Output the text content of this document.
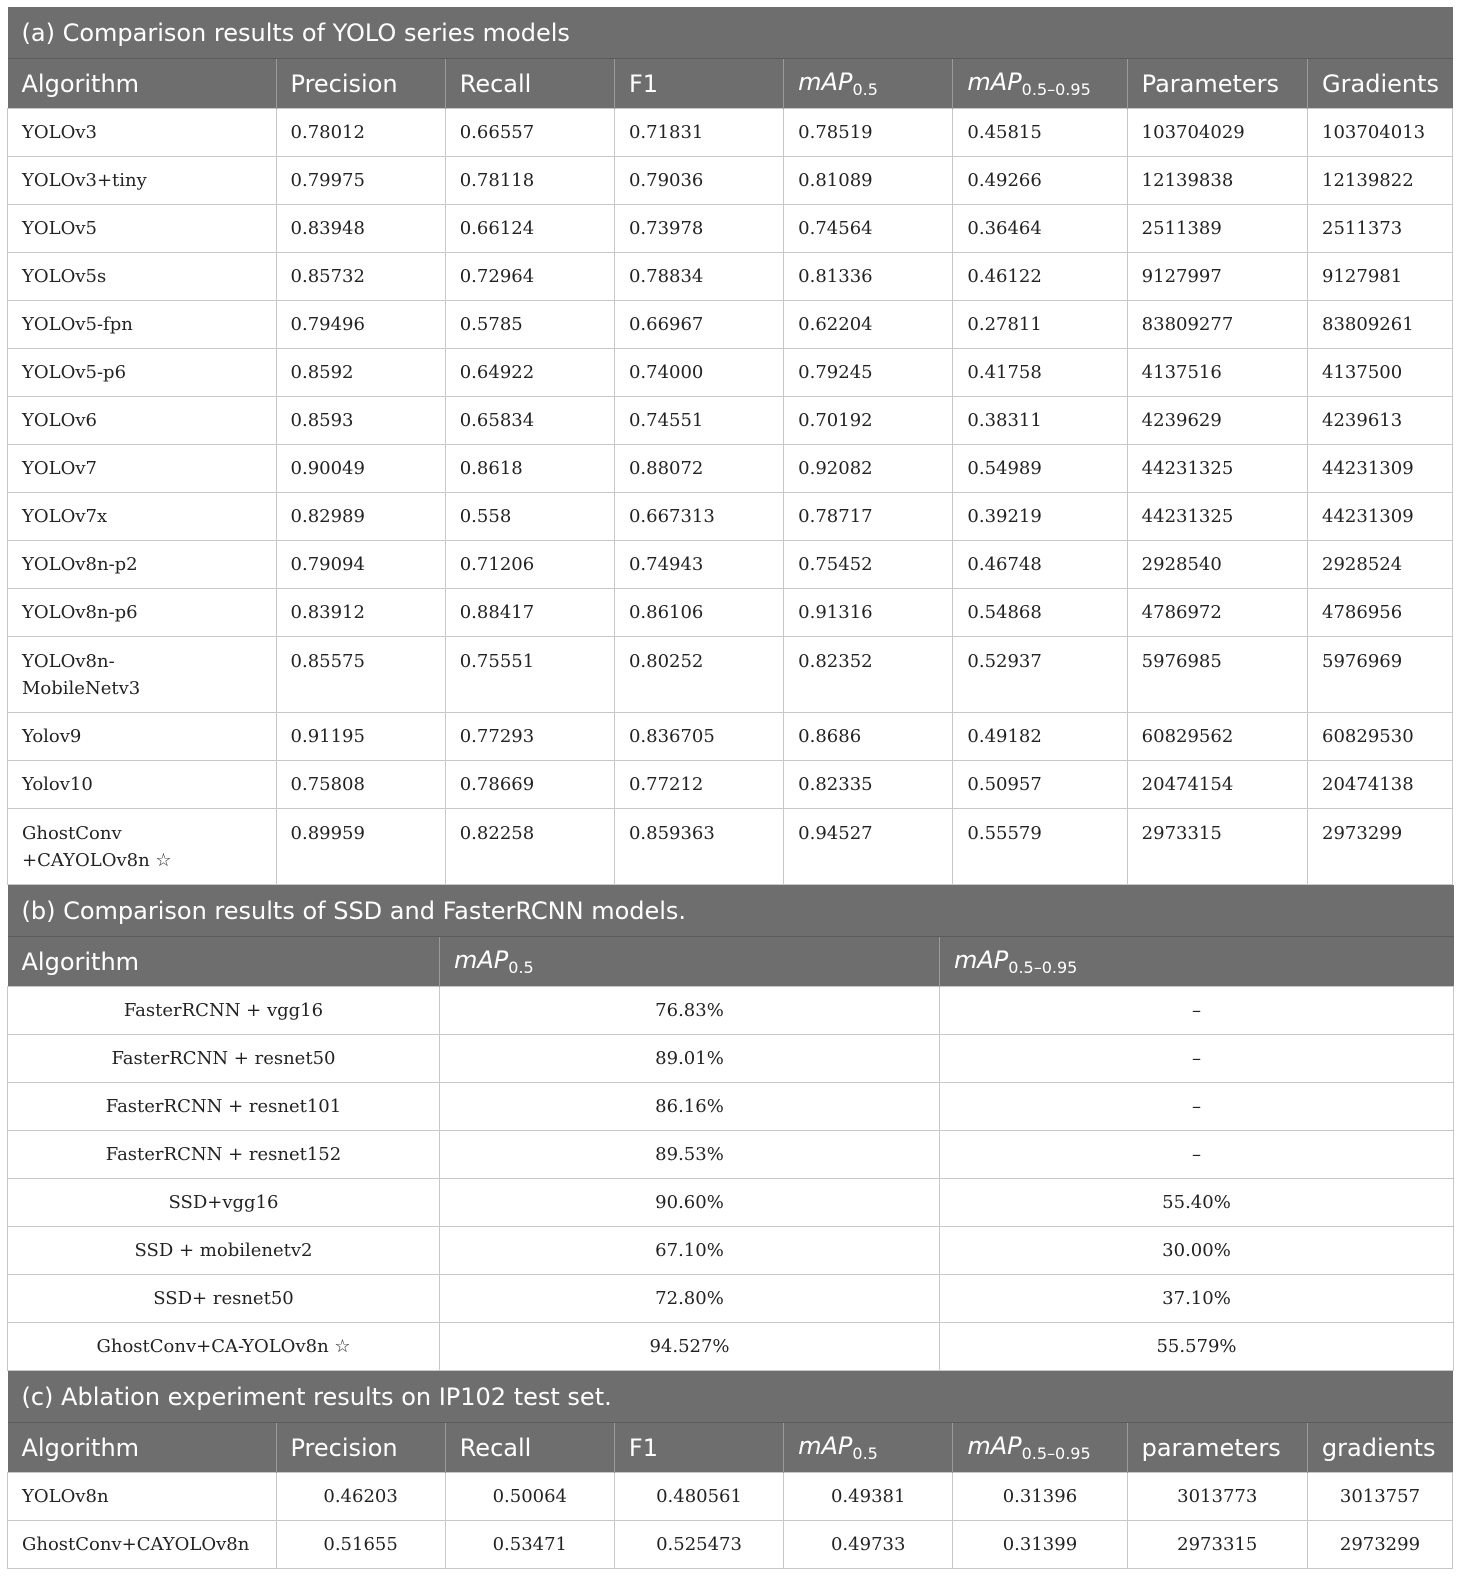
(a) Comparison results of YOLO series models							
Algorithm	Precision	Recall	F1	mAP$_{0.5}$	mAP$_{0.5-0.95}$	Parameters	Gradients
YOLOv3	0.78012	0.66557	0.71831	0.78519	0.45815	103704029	103704013
YOLOv3+tiny	0.79975	0.78118	0.79036	0.81089	0.49266	12139838	12139822
YOLOv5	0.83948	0.66124	0.73978	0.74564	0.36464	2511389	2511373
YOLOv5s	0.85732	0.72964	0.78834	0.81336	0.46122	9127997	9127981
YOLOv5-fpn	0.79496	0.5785	0.66967	0.62204	0.27811	83809277	83809261
YOLOv5-p6	0.8592	0.64922	0.74000	0.79245	0.41758	4137516	4137500
YOLOv6	0.8593	0.65834	0.74551	0.70192	0.38311	4239629	4239613
YOLOv7	0.90049	0.8618	0.88072	0.92082	0.54989	44231325	44231309
YOLOv7x	0.82989	0.558	0.667313	0.78717	0.39219	44231325	44231309
YOLOv8n-p2	0.79094	0.71206	0.74943	0.75452	0.46748	2928540	2928524
YOLOv8n-p6	0.83912	0.88417	0.86106	0.91316	0.54868	4786972	4786956
YOLOv8n-
MobileNetv3	0.85575	0.75551	0.80252	0.82352	0.52937	5976985	5976969
Yolov9	0.91195	0.77293	0.836705	0.8686	0.49182	60829562	60829530
Yolov10	0.75808	0.78669	0.77212	0.82335	0.50957	20474154	20474138
GhostConv
+CAYOLOv8n ☆	0.89959	0.82258	0.859363	0.94527	0.55579	2973315	2973299
(b) Comparison results of SSD and FasterRCNN models.		
Algorithm	mAP$_{0.5}$	mAP$_{0.5-0.95}$
FasterRCNN + vgg16	76.83%	–
FasterRCNN + resnet50	89.01%	–
FasterRCNN + resnet101	86.16%	–
FasterRCNN + resnet152	89.53%	–
SSD+vgg16	90.60%	55.40%
SSD + mobilenetv2	67.10%	30.00%
SSD+ resnet50	72.80%	37.10%
GhostConv+CA-YOLOv8n ☆	94.527%	55.579%
(c) Ablation experiment results on IP102 test set.							
Algorithm	Precision	Recall	F1	mAP$_{0.5}$	mAP$_{0.5-0.95}$	parameters	gradients
YOLOv8n	0.46203	0.50064	0.480561	0.49381	0.31396	3013773	3013757
GhostConv+CAYOLOv8n	0.51655	0.53471	0.525473	0.49733	0.31399	2973315	2973299
